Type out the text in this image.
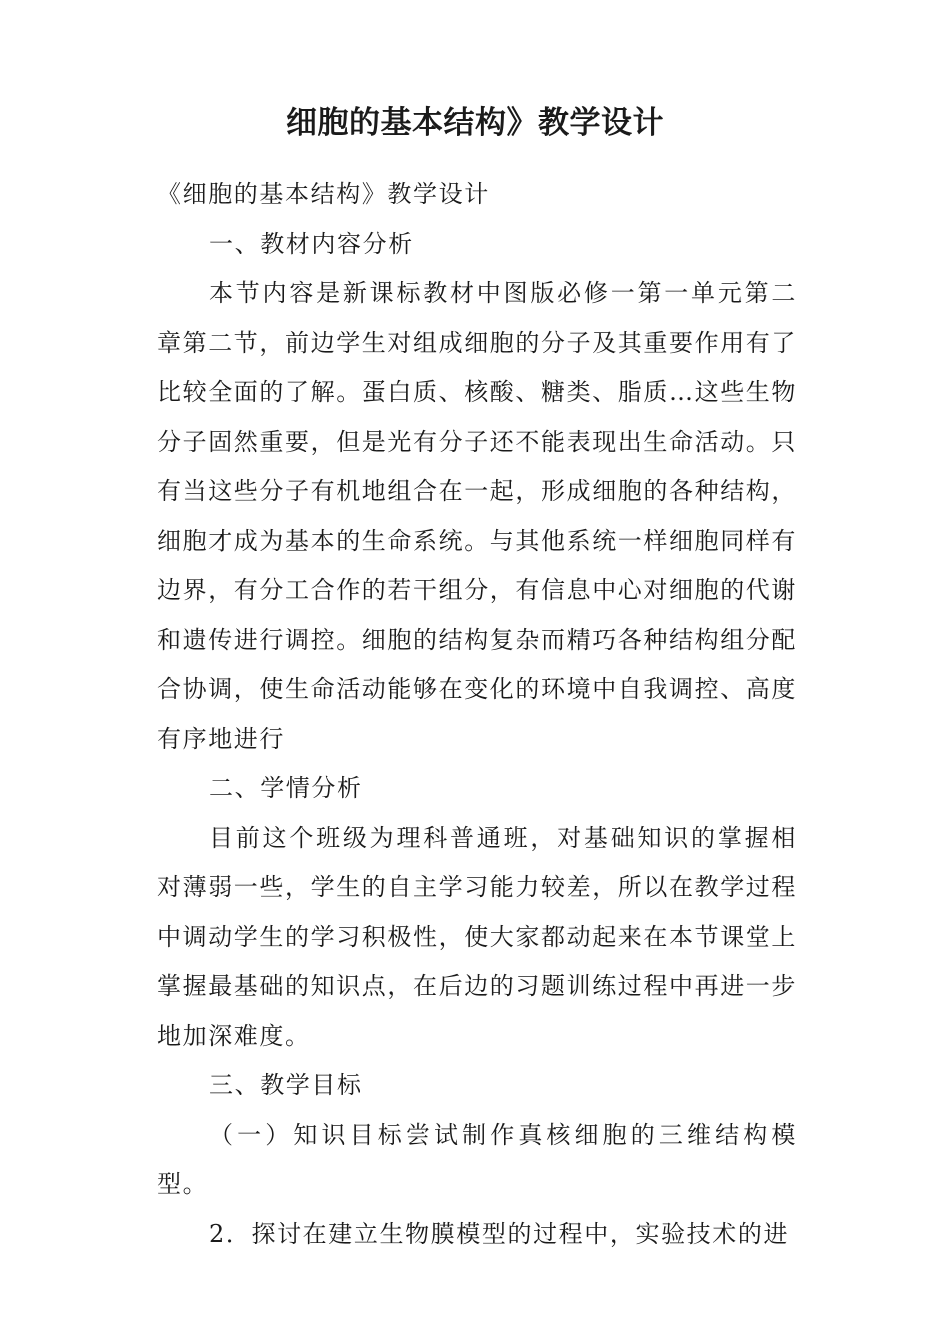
细胞的基本结构》教学设计

《细胞的基本结构》教学设计

一、教材内容分析

本节内容是新课标教材中图版必修一第一单元第二章第二节，前边学生对组成细胞的分子及其重要作用有了比较全面的了解。蛋白质、核酸、糖类、脂质…这些生物分子固然重要，但是光有分子还不能表现出生命活动。只有当这些分子有机地组合在一起，形成细胞的各种结构，细胞才成为基本的生命系统。与其他系统一样细胞同样有边界，有分工合作的若干组分，有信息中心对细胞的代谢和遗传进行调控。细胞的结构复杂而精巧各种结构组分配合协调，使生命活动能够在变化的环境中自我调控、高度有序地进行

二、学情分析

目前这个班级为理科普通班，对基础知识的掌握相对薄弱一些，学生的自主学习能力较差，所以在教学过程中调动学生的学习积极性，使大家都动起来在本节课堂上掌握最基础的知识点，在后边的习题训练过程中再进一步地加深难度。

三、教学目标

（一）知识目标尝试制作真核细胞的三维结构模型。

2．探讨在建立生物膜模型的过程中，实验技术的进
